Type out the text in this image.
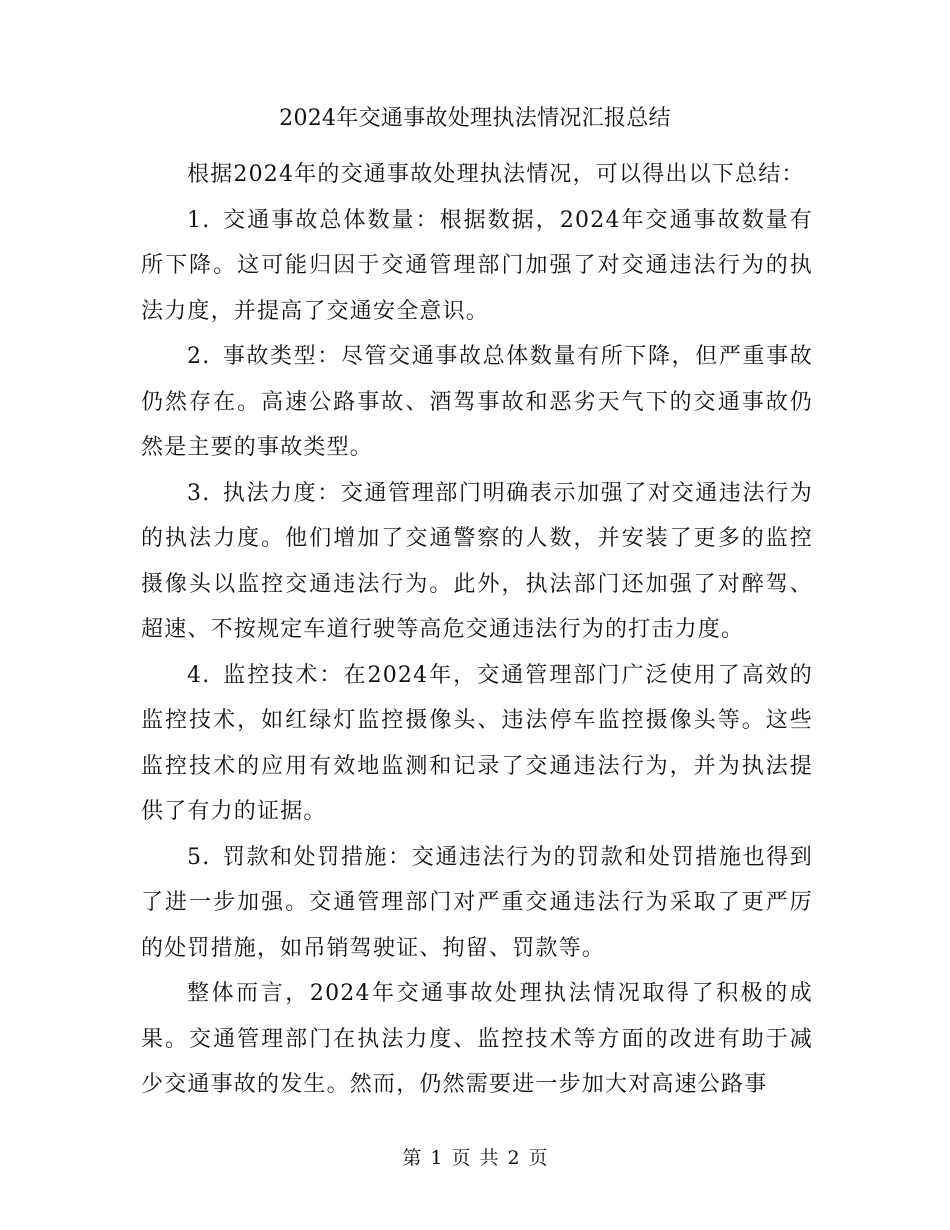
2024年交通事故处理执法情况汇报总结

根据2024年的交通事故处理执法情况，可以得出以下总结：

1. 交通事故总体数量：根据数据，2024年交通事故数量有所下降。这可能归因于交通管理部门加强了对交通违法行为的执法力度，并提高了交通安全意识。

2. 事故类型：尽管交通事故总体数量有所下降，但严重事故仍然存在。高速公路事故、酒驾事故和恶劣天气下的交通事故仍然是主要的事故类型。

3. 执法力度：交通管理部门明确表示加强了对交通违法行为的执法力度。他们增加了交通警察的人数，并安装了更多的监控摄像头以监控交通违法行为。此外，执法部门还加强了对醉驾、超速、不按规定车道行驶等高危交通违法行为的打击力度。

4. 监控技术：在2024年，交通管理部门广泛使用了高效的监控技术，如红绿灯监控摄像头、违法停车监控摄像头等。这些监控技术的应用有效地监测和记录了交通违法行为，并为执法提供了有力的证据。

5. 罚款和处罚措施：交通违法行为的罚款和处罚措施也得到了进一步加强。交通管理部门对严重交通违法行为采取了更严厉的处罚措施，如吊销驾驶证、拘留、罚款等。

整体而言，2024年交通事故处理执法情况取得了积极的成果。交通管理部门在执法力度、监控技术等方面的改进有助于减少交通事故的发生。然而，仍然需要进一步加大对高速公路事

第 1 页 共 2 页
